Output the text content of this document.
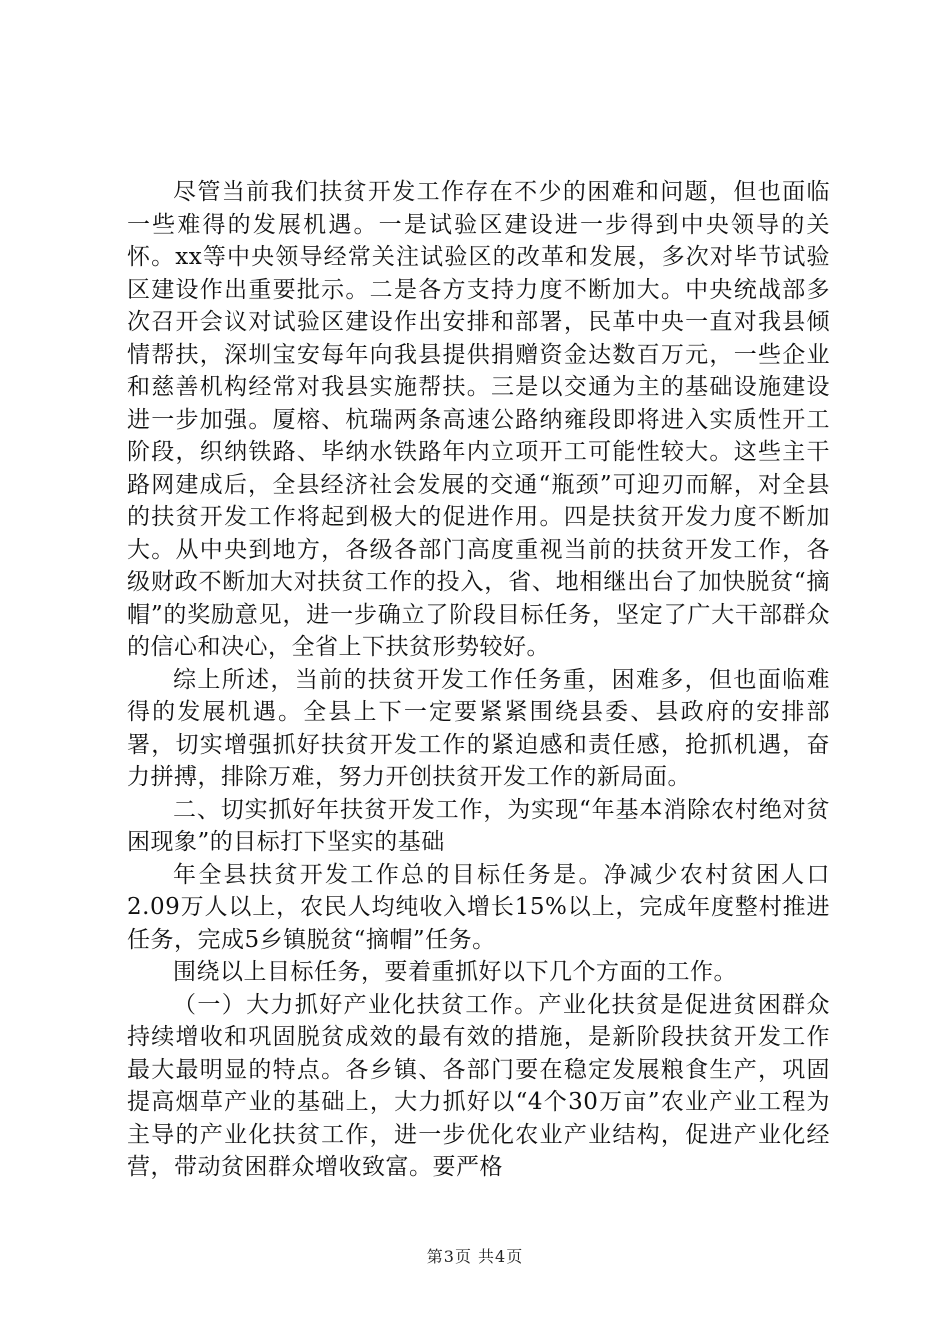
尽管当前我们扶贫开发工作存在不少的困难和问题，但也面临一些难得的发展机遇。一是试验区建设进一步得到中央领导的关怀。xx等中央领导经常关注试验区的改革和发展，多次对毕节试验区建设作出重要批示。二是各方支持力度不断加大。中央统战部多次召开会议对试验区建设作出安排和部署，民革中央一直对我县倾情帮扶，深圳宝安每年向我县提供捐赠资金达数百万元，一些企业和慈善机构经常对我县实施帮扶。三是以交通为主的基础设施建设进一步加强。厦榕、杭瑞两条高速公路纳雍段即将进入实质性开工阶段，织纳铁路、毕纳水铁路年内立项开工可能性较大。这些主干路网建成后，全县经济社会发展的交通“瓶颈”可迎刃而解，对全县的扶贫开发工作将起到极大的促进作用。四是扶贫开发力度不断加大。从中央到地方，各级各部门高度重视当前的扶贫开发工作，各级财政不断加大对扶贫工作的投入，省、地相继出台了加快脱贫“摘帽”的奖励意见，进一步确立了阶段目标任务，坚定了广大干部群众的信心和决心，全省上下扶贫形势较好。

综上所述，当前的扶贫开发工作任务重，困难多，但也面临难得的发展机遇。全县上下一定要紧紧围绕县委、县政府的安排部署，切实增强抓好扶贫开发工作的紧迫感和责任感，抢抓机遇，奋力拼搏，排除万难，努力开创扶贫开发工作的新局面。

二、切实抓好年扶贫开发工作，为实现“年基本消除农村绝对贫困现象”的目标打下坚实的基础

年全县扶贫开发工作总的目标任务是。净减少农村贫困人口2.09万人以上，农民人均纯收入增长15%以上，完成年度整村推进任务，完成5乡镇脱贫“摘帽”任务。

围绕以上目标任务，要着重抓好以下几个方面的工作。

（一）大力抓好产业化扶贫工作。产业化扶贫是促进贫困群众持续增收和巩固脱贫成效的最有效的措施，是新阶段扶贫开发工作最大最明显的特点。各乡镇、各部门要在稳定发展粮食生产，巩固提高烟草产业的基础上，大力抓好以“4个30万亩”农业产业工程为主导的产业化扶贫工作，进一步优化农业产业结构，促进产业化经营，带动贫困群众增收致富。要严格

第3页 共4页
